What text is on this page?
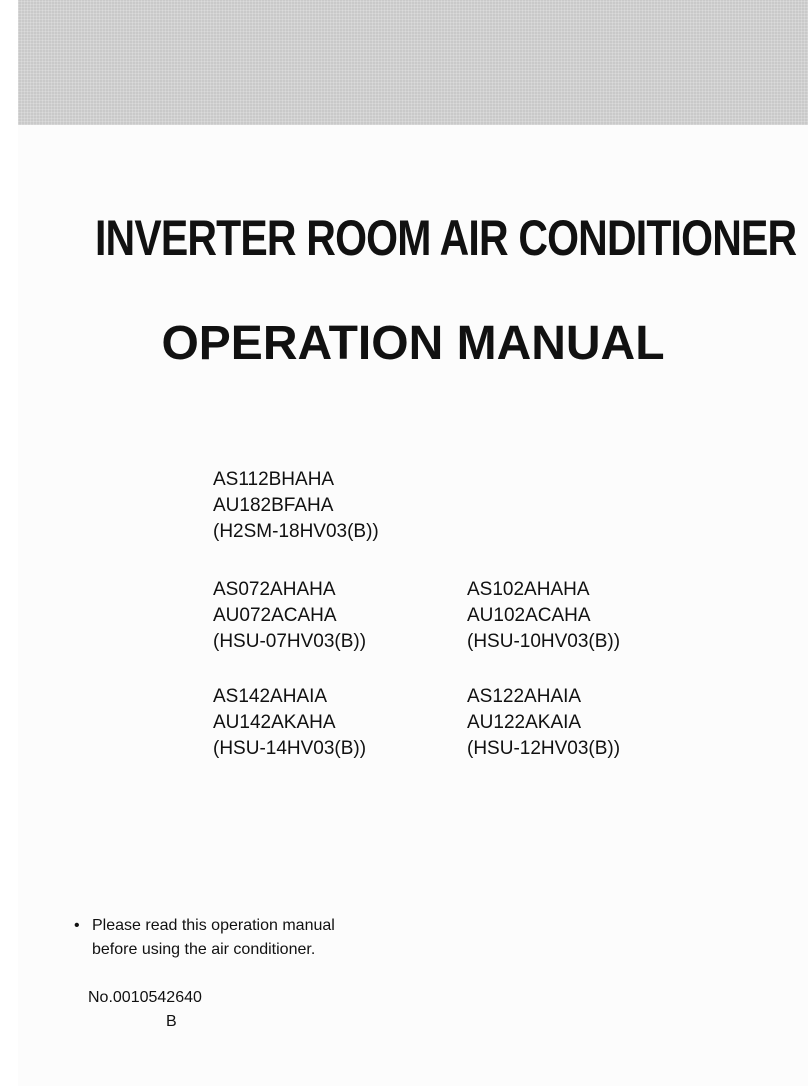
INVERTER ROOM AIR CONDITIONER
OPERATION MANUAL
AS112BHAHA
AU182BFAHA
(H2SM-18HV03(B))
AS072AHAHA
AU072ACAHA
(HSU-07HV03(B))
AS102AHAHA
AU102ACAHA
(HSU-10HV03(B))
AS142AHAIA
AU142AKAHA
(HSU-14HV03(B))
AS122AHAIA
AU122AKAIA
(HSU-12HV03(B))
• Please read this operation manual
before using the air conditioner.
No.0010542640
B
